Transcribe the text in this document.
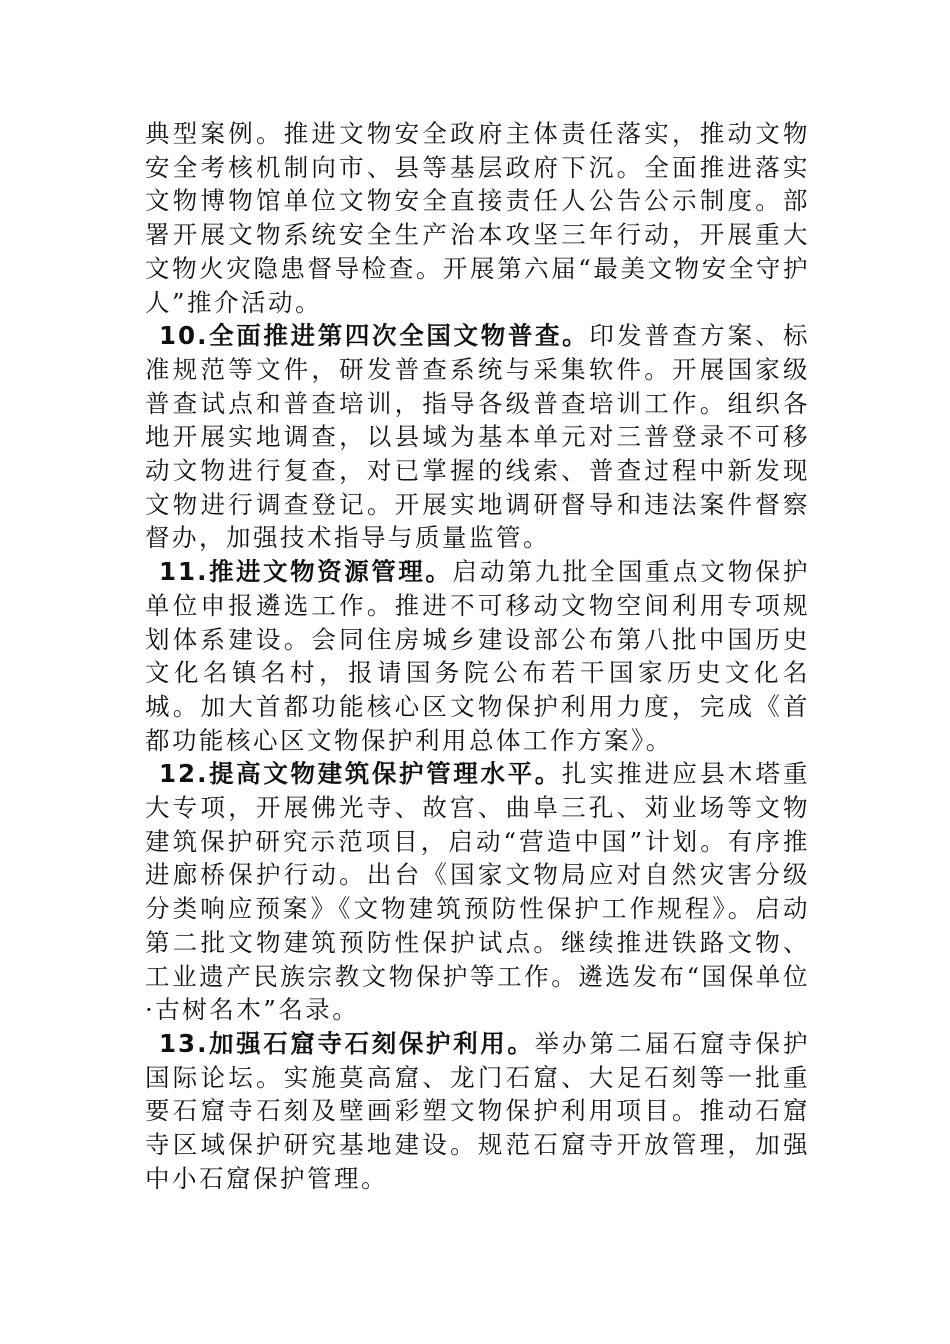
典型案例。推进文物安全政府主体责任落实，推动文物安全考核机制向市、县等基层政府下沉。全面推进落实文物博物馆单位文物安全直接责任人公告公示制度。部署开展文物系统安全生产治本攻坚三年行动，开展重大文物火灾隐患督导检查。开展第六届“最美文物安全守护人”推介活动。

10.全面推进第四次全国文物普查。印发普查方案、标准规范等文件，研发普查系统与采集软件。开展国家级普查试点和普查培训，指导各级普查培训工作。组织各地开展实地调查，以县域为基本单元对三普登录不可移动文物进行复查，对已掌握的线索、普查过程中新发现文物进行调查登记。开展实地调研督导和违法案件督察督办，加强技术指导与质量监管。

11.推进文物资源管理。启动第九批全国重点文物保护单位申报遴选工作。推进不可移动文物空间利用专项规划体系建设。会同住房城乡建设部公布第八批中国历史文化名镇名村，报请国务院公布若干国家历史文化名城。加大首都功能核心区文物保护利用力度，完成《首都功能核心区文物保护利用总体工作方案》。

12.提高文物建筑保护管理水平。扎实推进应县木塔重大专项，开展佛光寺、故宫、曲阜三孔、苅业场等文物建筑保护研究示范项目，启动“营造中国”计划。有序推进廊桥保护行动。出台《国家文物局应对自然灾害分级分类响应预案》《文物建筑预防性保护工作规程》。启动第二批文物建筑预防性保护试点。继续推进铁路文物、工业遗产民族宗教文物保护等工作。遴选发布“国保单位·古树名木”名录。

13.加强石窟寺石刻保护利用。举办第二届石窟寺保护国际论坛。实施莫高窟、龙门石窟、大足石刻等一批重要石窟寺石刻及壁画彩塑文物保护利用项目。推动石窟寺区域保护研究基地建设。规范石窟寺开放管理，加强中小石窟保护管理。
